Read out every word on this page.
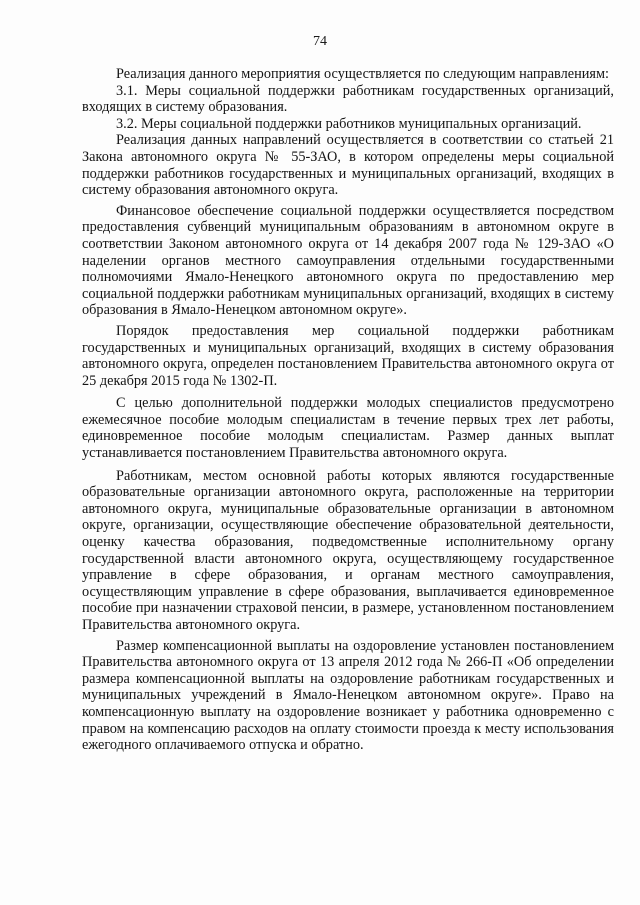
74

Реализация данного мероприятия осуществляется по следующим направлениям:

3.1. Меры социальной поддержки работникам государственных организаций, входящих в систему образования.

3.2. Меры социальной поддержки работников муниципальных организаций.

Реализация данных направлений осуществляется в соответствии со статьей 21 Закона автономного округа № 55-ЗАО, в котором определены меры социальной поддержки работников государственных и муниципальных организаций, входящих в систему образования автономного округа.

Финансовое обеспечение социальной поддержки осуществляется посредством предоставления субвенций муниципальным образованиям в автономном округе в соответствии Законом автономного округа от 14 декабря 2007 года № 129-ЗАО «О наделении органов местного самоуправления отдельными государственными полномочиями Ямало-Ненецкого автономного округа по предоставлению мер социальной поддержки работникам муниципальных организаций, входящих в систему образования в Ямало-Ненецком автономном округе».

Порядок предоставления мер социальной поддержки работникам государственных и муниципальных организаций, входящих в систему образования автономного округа, определен постановлением Правительства автономного округа от 25 декабря 2015 года № 1302-П.

С целью дополнительной поддержки молодых специалистов предусмотрено ежемесячное пособие молодым специалистам в течение первых трех лет работы, единовременное пособие молодым специалистам. Размер данных выплат устанавливается постановлением Правительства автономного округа.

Работникам, местом основной работы которых являются государственные образовательные организации автономного округа, расположенные на территории автономного округа, муниципальные образовательные организации в автономном округе, организации, осуществляющие обеспечение образовательной деятельности, оценку качества образования, подведомственные исполнительному органу государственной власти автономного округа, осуществляющему государственное управление в сфере образования, и органам местного самоуправления, осуществляющим управление в сфере образования, выплачивается единовременное пособие при назначении страховой пенсии, в размере, установленном постановлением Правительства автономного округа.

Размер компенсационной выплаты на оздоровление установлен постановлением Правительства автономного округа от 13 апреля 2012 года № 266-П «Об определении размера компенсационной выплаты на оздоровление работникам государственных и муниципальных учреждений в Ямало-Ненецком автономном округе». Право на компенсационную выплату на оздоровление возникает у работника одновременно с правом на компенсацию расходов на оплату стоимости проезда к месту использования ежегодного оплачиваемого отпуска и обратно.
